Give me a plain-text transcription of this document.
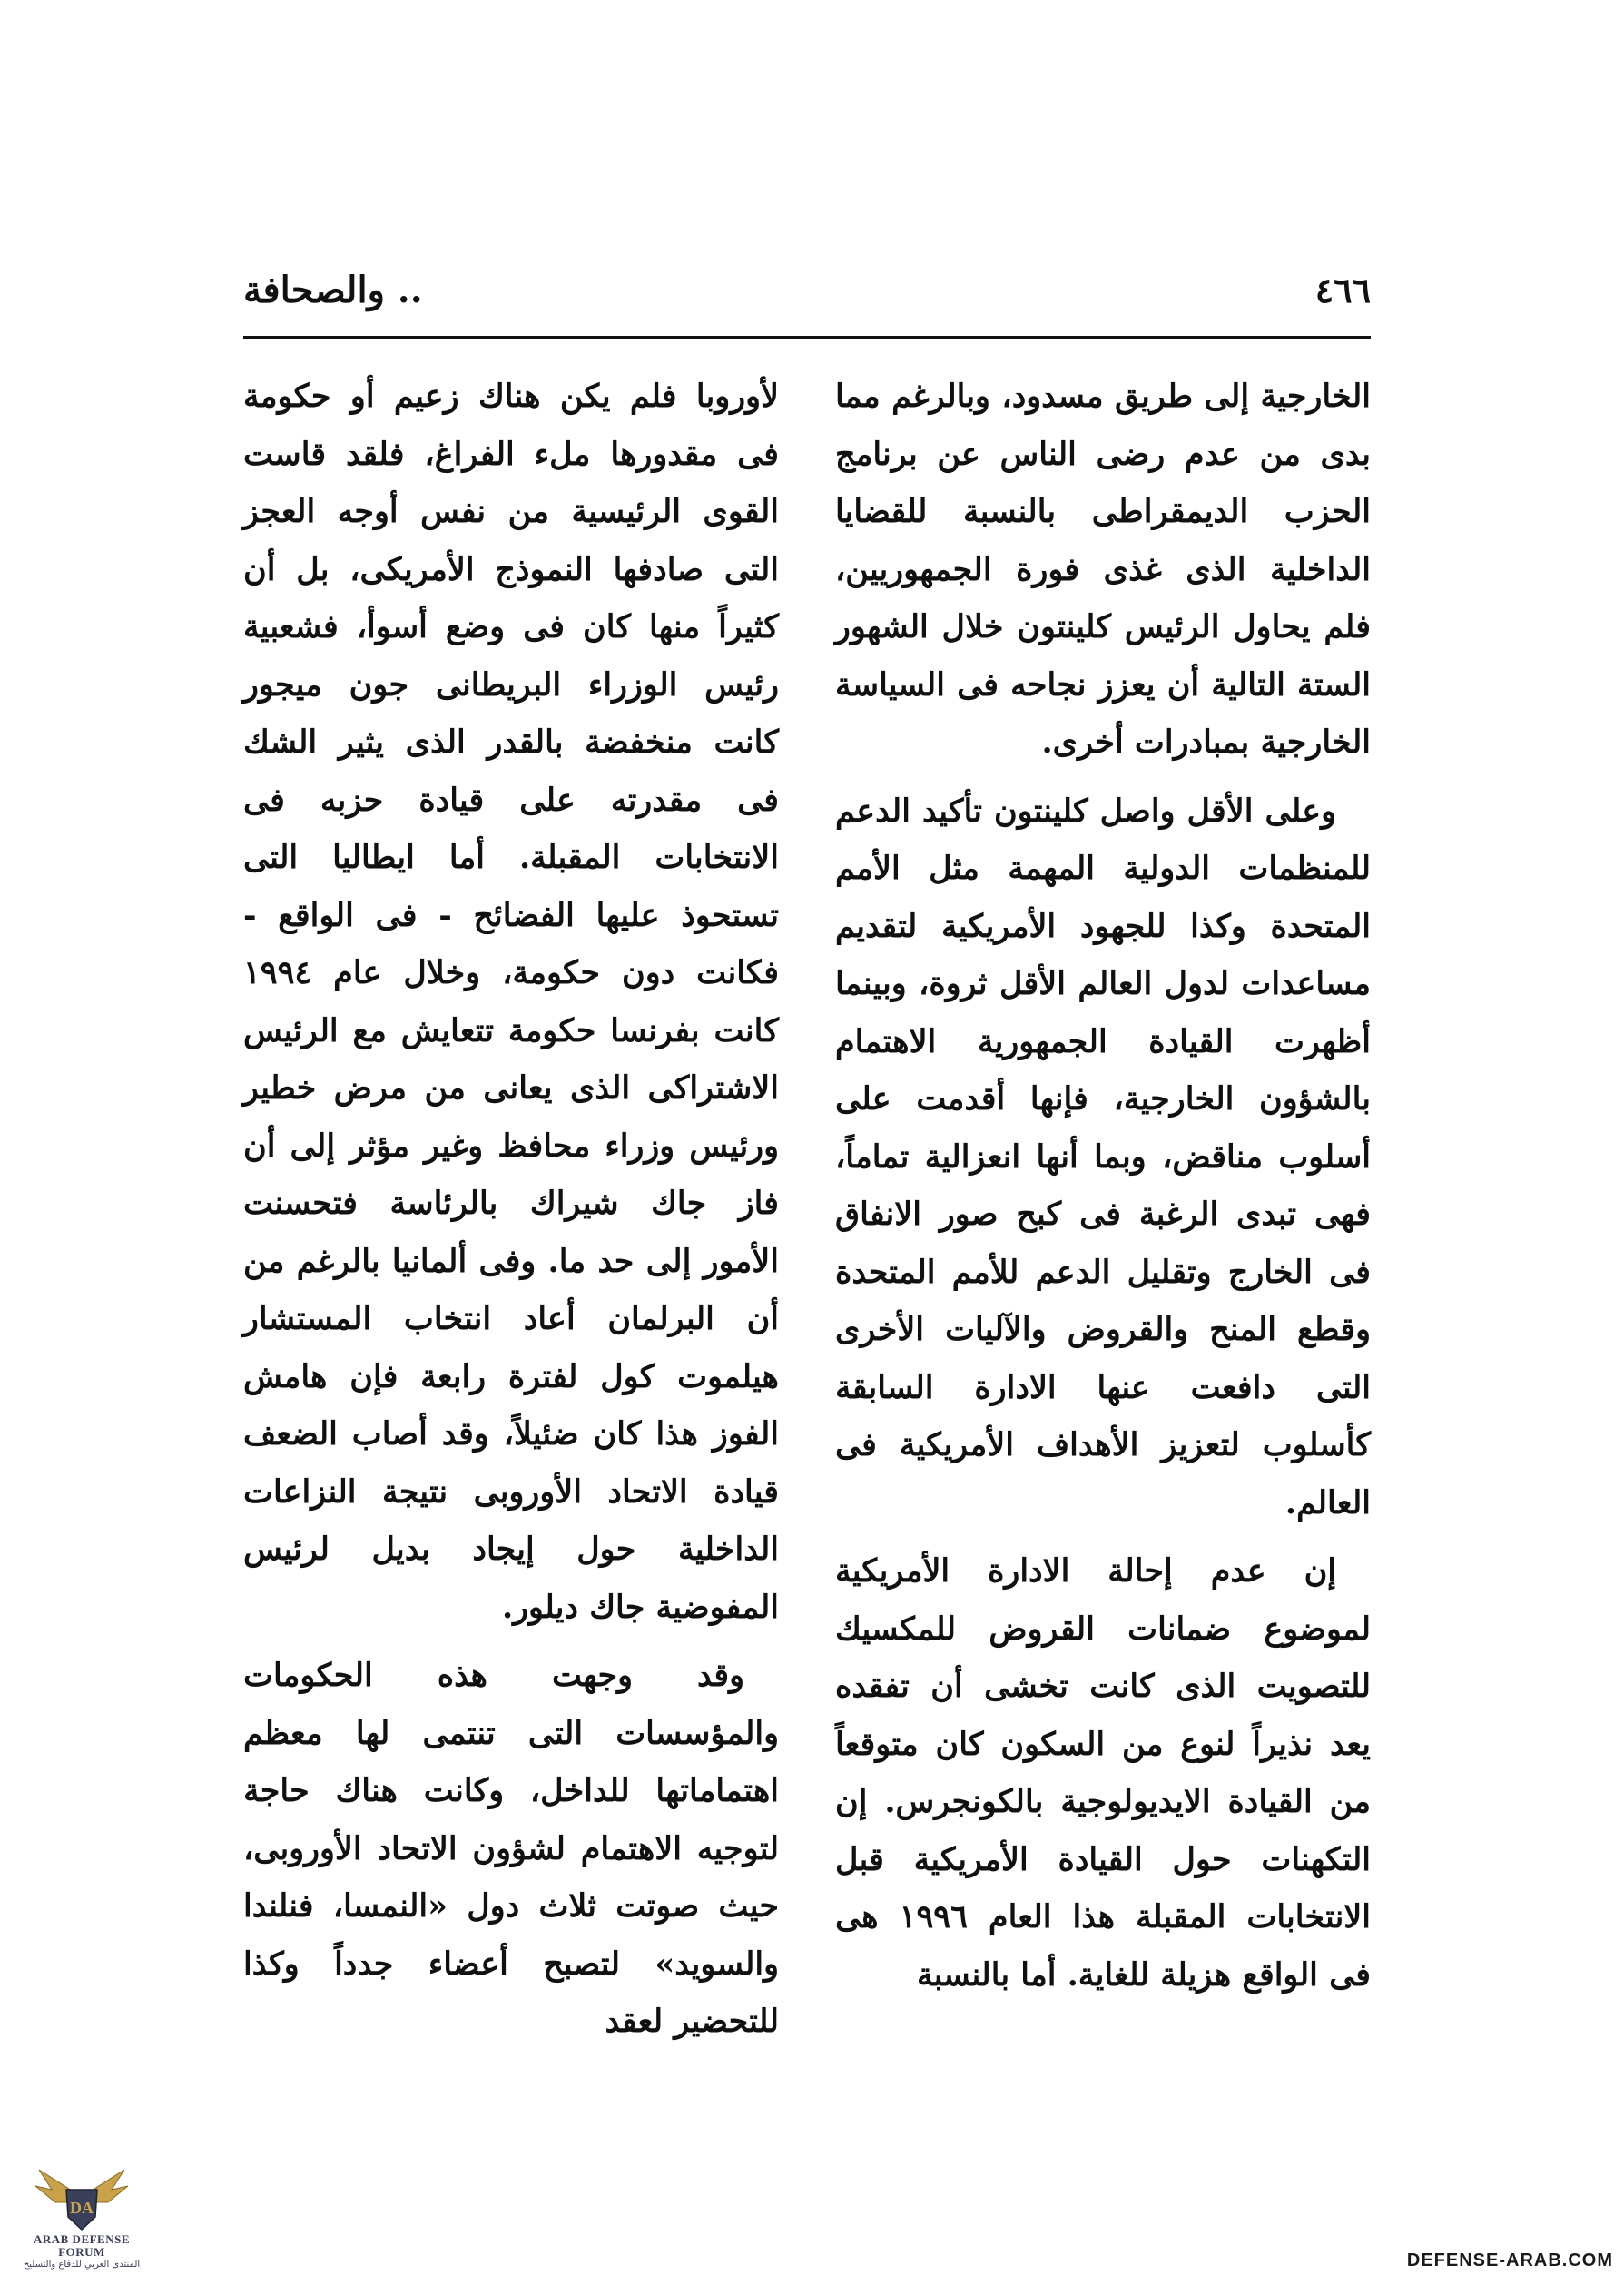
٤٦٦
.. والصحافة

الخارجية إلى طريق مسدود، وبالرغم مما بدى من عدم رضى الناس عن برنامج الحزب الديمقراطى بالنسبة للقضايا الداخلية الذى غذى فورة الجمهوريين، فلم يحاول الرئيس كلينتون خلال الشهور الستة التالية أن يعزز نجاحه فى السياسة الخارجية بمبادرات أخرى.

وعلى الأقل واصل كلينتون تأكيد الدعم للمنظمات الدولية المهمة مثل الأمم المتحدة وكذا للجهود الأمريكية لتقديم مساعدات لدول العالم الأقل ثروة، وبينما أظهرت القيادة الجمهورية الاهتمام بالشؤون الخارجية، فإنها أقدمت على أسلوب مناقض، وبما أنها انعزالية تماماً، فهى تبدى الرغبة فى كبح صور الانفاق فى الخارج وتقليل الدعم للأمم المتحدة وقطع المنح والقروض والآليات الأخرى التى دافعت عنها الادارة السابقة كأسلوب لتعزيز الأهداف الأمريكية فى العالم.

إن عدم إحالة الادارة الأمريكية لموضوع ضمانات القروض للمكسيك للتصويت الذى كانت تخشى أن تفقده يعد نذيراً لنوع من السكون كان متوقعاً من القيادة الايديولوجية بالكونجرس. إن التكهنات حول القيادة الأمريكية قبل الانتخابات المقبلة هذا العام ١٩٩٦ هى فى الواقع هزيلة للغاية. أما بالنسبة

لأوروبا فلم يكن هناك زعيم أو حكومة فى مقدورها ملء الفراغ، فلقد قاست القوى الرئيسية من نفس أوجه العجز التى صادفها النموذج الأمريكى، بل أن كثيراً منها كان فى وضع أسوأ، فشعبية رئيس الوزراء البريطانى جون ميجور كانت منخفضة بالقدر الذى يثير الشك فى مقدرته على قيادة حزبه فى الانتخابات المقبلة. أما ايطاليا التى تستحوذ عليها الفضائح - فى الواقع - فكانت دون حكومة، وخلال عام ١٩٩٤ كانت بفرنسا حكومة تتعايش مع الرئيس الاشتراكى الذى يعانى من مرض خطير ورئيس وزراء محافظ وغير مؤثر إلى أن فاز جاك شيراك بالرئاسة فتحسنت الأمور إلى حد ما. وفى ألمانيا بالرغم من أن البرلمان أعاد انتخاب المستشار هيلموت كول لفترة رابعة فإن هامش الفوز هذا كان ضئيلاً، وقد أصاب الضعف قيادة الاتحاد الأوروبى نتيجة النزاعات الداخلية حول إيجاد بديل لرئيس المفوضية جاك ديلور.

وقد وجهت هذه الحكومات والمؤسسات التى تنتمى لها معظم اهتماماتها للداخل، وكانت هناك حاجة لتوجيه الاهتمام لشؤون الاتحاد الأوروبى، حيث صوتت ثلاث دول «النمسا، فنلندا والسويد» لتصبح أعضاء جدداً وكذا للتحضير لعقد

DA
ARAB DEFENSE FORUM
المنتدى العربي للدفاع والتسليح	DEFENSE-ARAB.COM
